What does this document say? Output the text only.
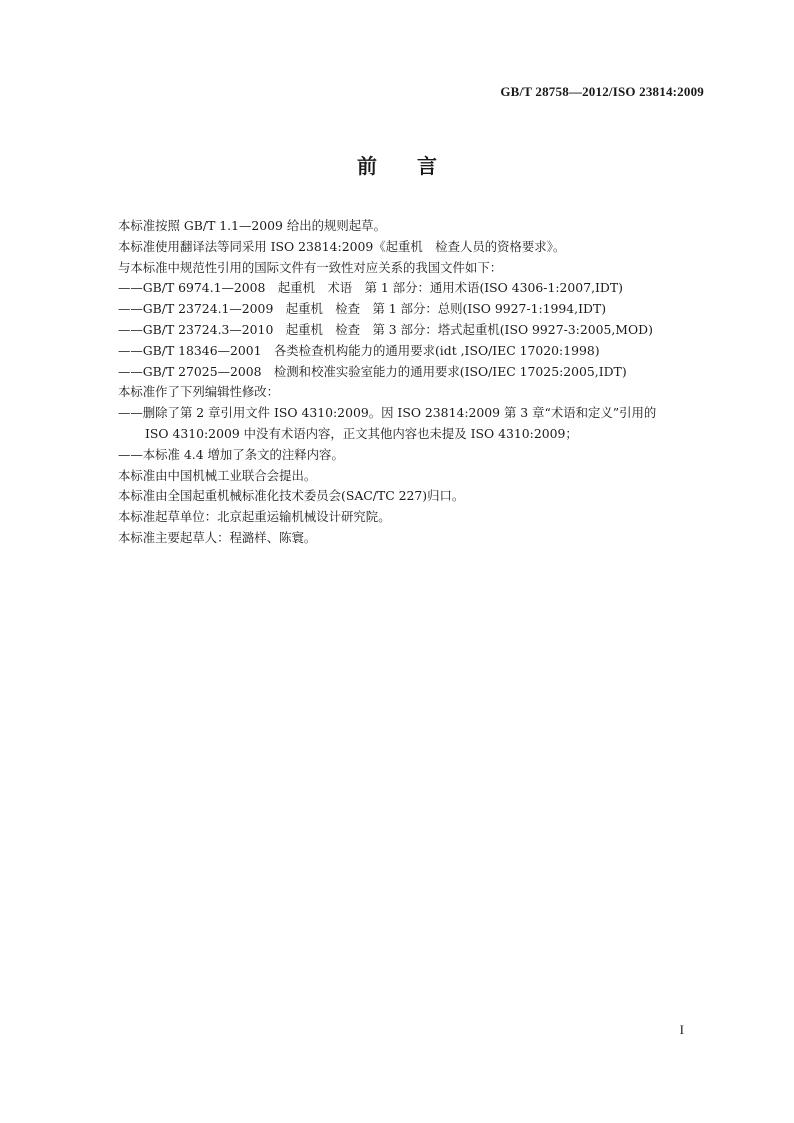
GB/T 28758—2012/ISO 23814:2009
前言
本标准按照 GB/T 1.1—2009 给出的规则起草。
本标准使用翻译法等同采用 ISO 23814:2009《起重机　检查人员的资格要求》。
与本标准中规范性引用的国际文件有一致性对应关系的我国文件如下：
——GB/T 6974.1—2008　起重机　术语　第 1 部分：通用术语(ISO 4306-1:2007,IDT)
——GB/T 23724.1—2009　起重机　检查　第 1 部分：总则(ISO 9927-1:1994,IDT)
——GB/T 23724.3—2010　起重机　检查　第 3 部分：塔式起重机(ISO 9927-3:2005,MOD)
——GB/T 18346—2001　各类检查机构能力的通用要求(idt ,ISO/IEC 17020:1998)
——GB/T 27025—2008　检测和校准实验室能力的通用要求(ISO/IEC 17025:2005,IDT)
本标准作了下列编辑性修改：
——删除了第 2 章引用文件 ISO 4310:2009。因 ISO 23814:2009 第 3 章“术语和定义”引用的
ISO 4310:2009 中没有术语内容，正文其他内容也未提及 ISO 4310:2009；
——本标准 4.4 增加了条文的注释内容。
本标准由中国机械工业联合会提出。
本标准由全国起重机械标准化技术委员会(SAC/TC 227)归口。
本标准起草单位：北京起重运输机械设计研究院。
本标准主要起草人：程潞样、陈寰。
I
